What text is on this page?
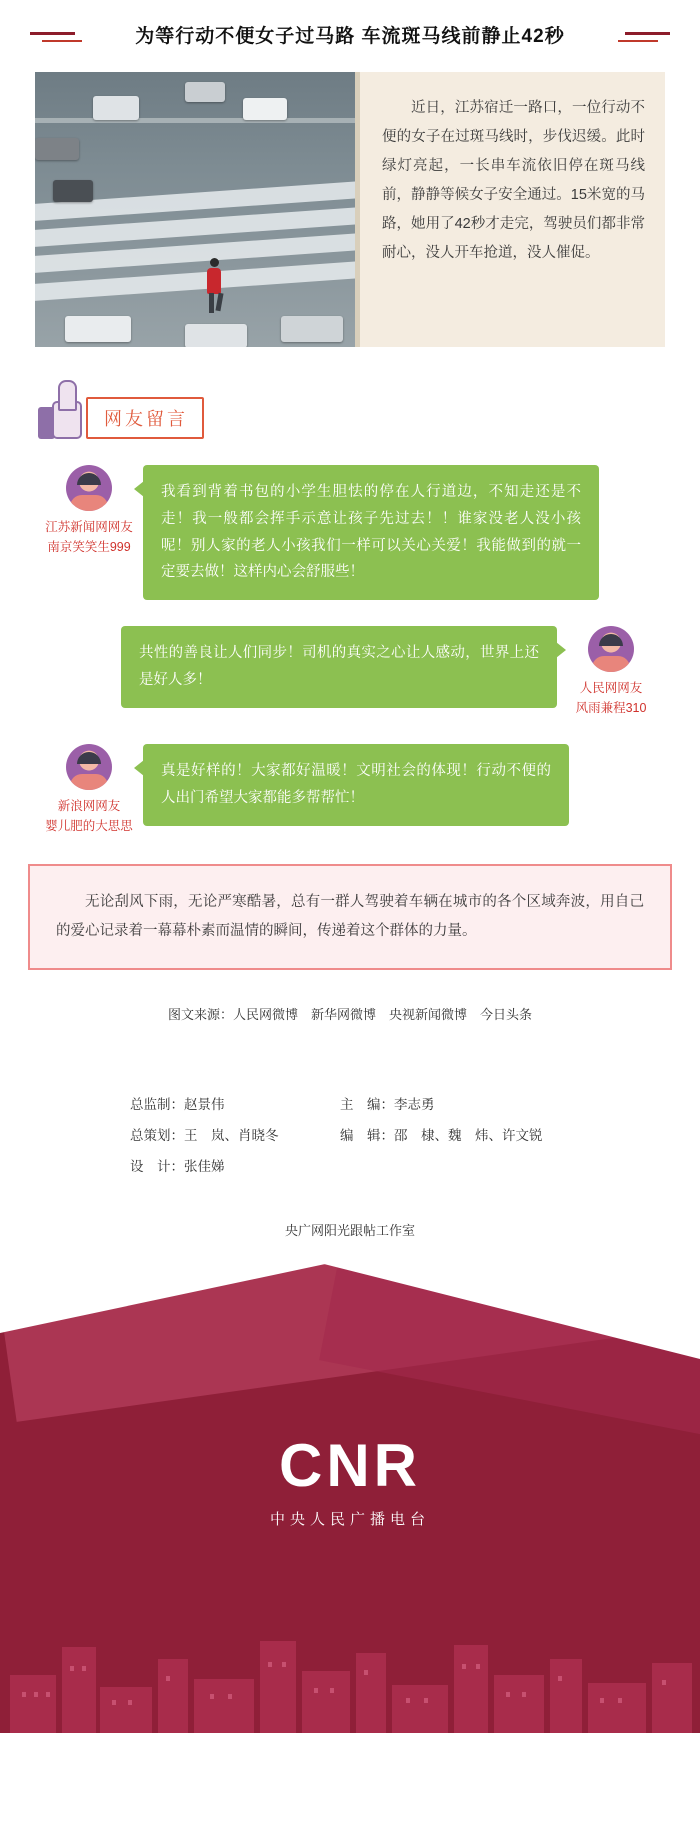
为等行动不便女子过马路 车流斑马线前静止42秒

近日，江苏宿迁一路口，一位行动不便的女子在过斑马线时，步伐迟缓。此时绿灯亮起，一长串车流依旧停在斑马线前，静静等候女子安全通过。15米宽的马路，她用了42秒才走完，驾驶员们都非常耐心，没人开车抢道，没人催促。

网友留言
江苏新闻网网友
南京笑笑生999
我看到背着书包的小学生胆怯的停在人行道边，不知走还是不走！我一般都会挥手示意让孩子先过去！！谁家没老人没小孩呢！别人家的老人小孩我们一样可以关心关爱！我能做到的就一定要去做！这样内心会舒服些！
共性的善良让人们同步！司机的真实之心让人感动，世界上还是好人多！
人民网网友
风雨兼程310
新浪网网友
婴儿肥的大思思
真是好样的！大家都好温暖！文明社会的体现！行动不便的人出门希望大家都能多帮帮忙！

无论刮风下雨，无论严寒酷暑，总有一群人驾驶着车辆在城市的各个区域奔波，用自己的爱心记录着一幕幕朴素而温情的瞬间，传递着这个群体的力量。

图文来源：人民网微博　新华网微博　央视新闻微博　今日头条
总监制：赵景伟
总策划：王　岚、肖晓冬
设　计：张佳娣
主　编：李志勇
编　辑：邵　棣、魏　炜、许文锐
央广网阳光跟帖工作室
CNR
中央人民广播电台
